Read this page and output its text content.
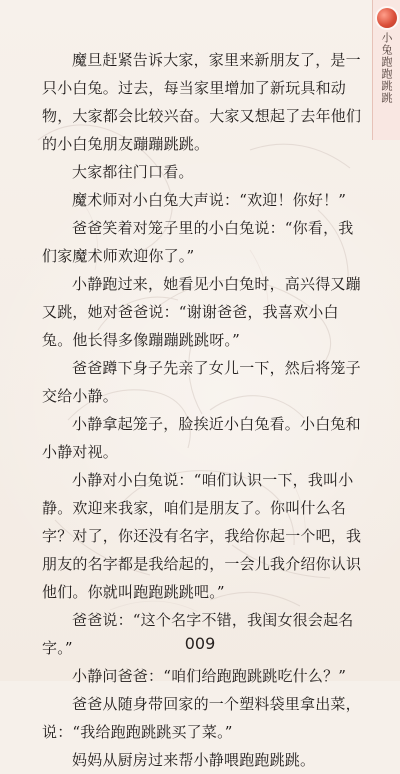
小兔跑跑跳跳

魔旦赶紧告诉大家，家里来新朋友了，是一只小白兔。过去，每当家里增加了新玩具和动物，大家都会比较兴奋。大家又想起了去年他们的小白兔朋友蹦蹦跳跳。

大家都往门口看。

魔术师对小白兔大声说：“欢迎！你好！”

爸爸笑着对笼子里的小白兔说：“你看，我们家魔术师欢迎你了。”

小静跑过来，她看见小白兔时，高兴得又蹦又跳，她对爸爸说：“谢谢爸爸，我喜欢小白兔。他长得多像蹦蹦跳跳呀。”

爸爸蹲下身子先亲了女儿一下，然后将笼子交给小静。

小静拿起笼子，脸挨近小白兔看。小白兔和小静对视。

小静对小白兔说：“咱们认识一下，我叫小静。欢迎来我家，咱们是朋友了。你叫什么名字？对了，你还没有名字，我给你起一个吧，我朋友的名字都是我给起的，一会儿我介绍你认识他们。你就叫跑跑跳跳吧。”

爸爸说：“这个名字不错，我闺女很会起名字。”

小静问爸爸：“咱们给跑跑跳跳吃什么？”

爸爸从随身带回家的一个塑料袋里拿出菜，说：“我给跑跑跳跳买了菜。”

妈妈从厨房过来帮小静喂跑跑跳跳。

009
